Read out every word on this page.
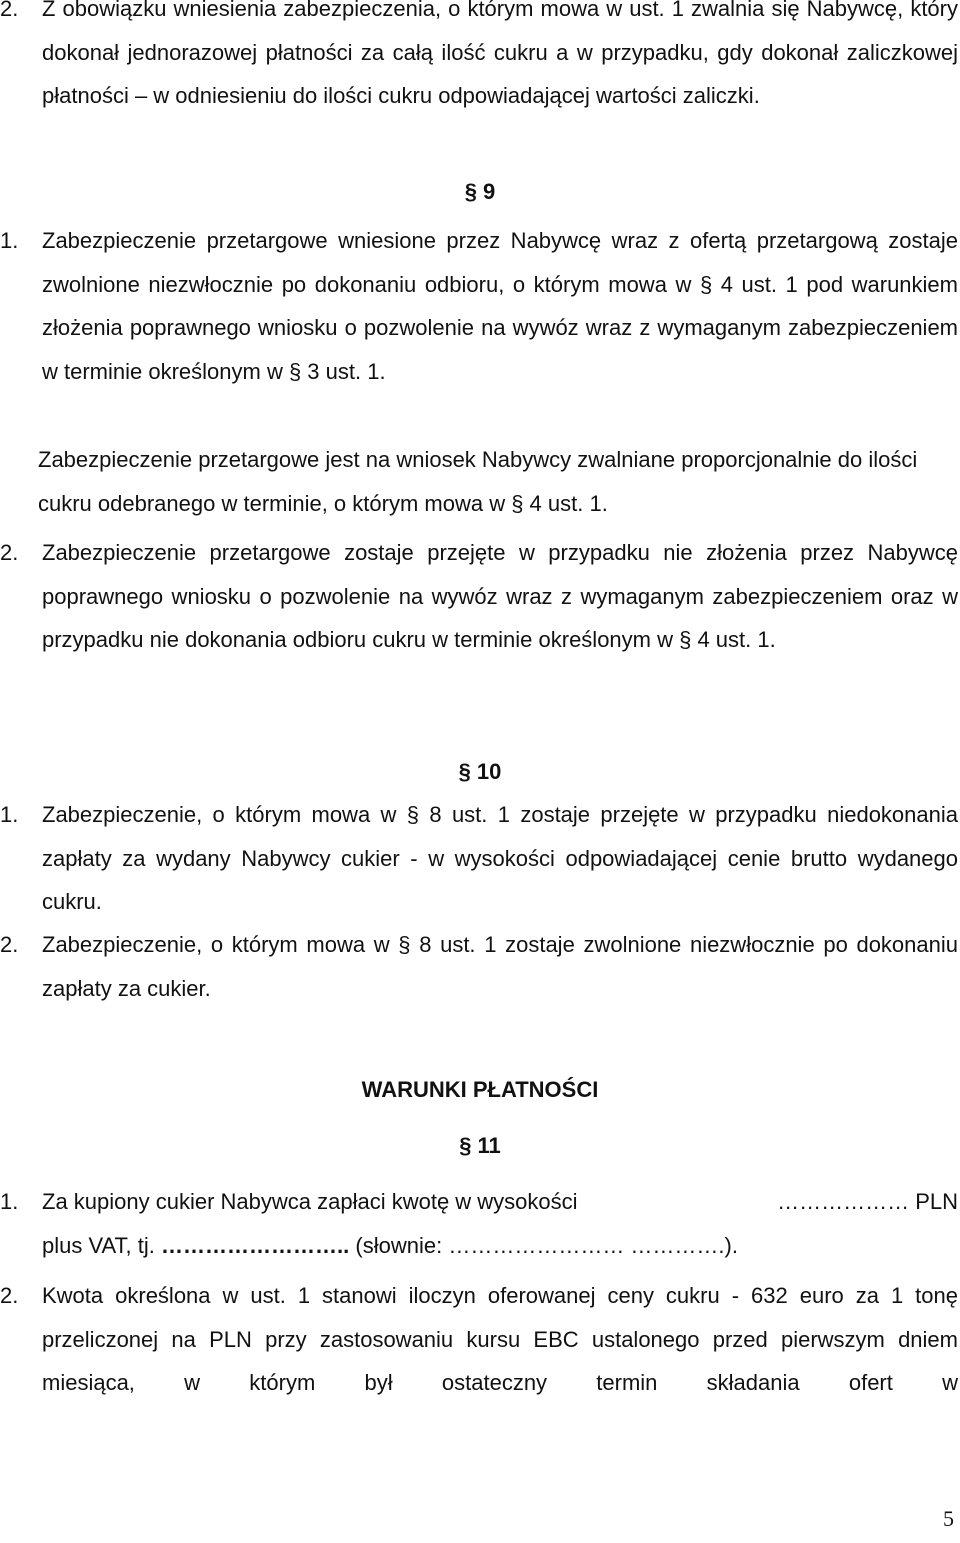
2. Z obowiązku wniesienia zabezpieczenia, o którym mowa w ust. 1 zwalnia się Nabywcę, który dokonał jednorazowej płatności za całą ilość cukru a w przypadku, gdy dokonał zaliczkowej płatności – w odniesieniu do ilości cukru odpowiadającej wartości zaliczki.
§ 9
1. Zabezpieczenie przetargowe wniesione przez Nabywcę wraz z ofertą przetargową zostaje zwolnione niezwłocznie po dokonaniu odbioru, o którym mowa w § 4 ust. 1 pod warunkiem złożenia poprawnego wniosku o pozwolenie na wywóz wraz z wymaganym zabezpieczeniem w terminie określonym w § 3 ust. 1.
Zabezpieczenie przetargowe jest na wniosek Nabywcy zwalniane proporcjonalnie do ilości cukru odebranego w terminie, o którym mowa w § 4 ust. 1.
2. Zabezpieczenie przetargowe zostaje przejęte w przypadku nie złożenia przez Nabywcę poprawnego wniosku o pozwolenie na wywóz wraz z wymaganym zabezpieczeniem oraz w przypadku nie dokonania odbioru cukru w terminie określonym w § 4 ust. 1.
§ 10
1. Zabezpieczenie, o którym mowa w § 8 ust. 1 zostaje przejęte w przypadku niedokonania zapłaty za wydany Nabywcy cukier - w wysokości odpowiadającej cenie brutto wydanego cukru.
2. Zabezpieczenie, o którym mowa w § 8 ust. 1 zostaje zwolnione niezwłocznie po dokonaniu zapłaty za cukier.
WARUNKI PŁATNOŚCI
§ 11
1. Za kupiony cukier Nabywca zapłaci kwotę w wysokości	……………… PLN
plus VAT, tj. …………………….. (słownie: …………………… ………….).
2. Kwota określona w ust. 1 stanowi iloczyn oferowanej ceny cukru - 632 euro za 1 tonę przeliczonej na PLN przy zastosowaniu kursu EBC ustalonego przed pierwszym dniem miesiąca, w którym był ostateczny termin składania ofert w
5
